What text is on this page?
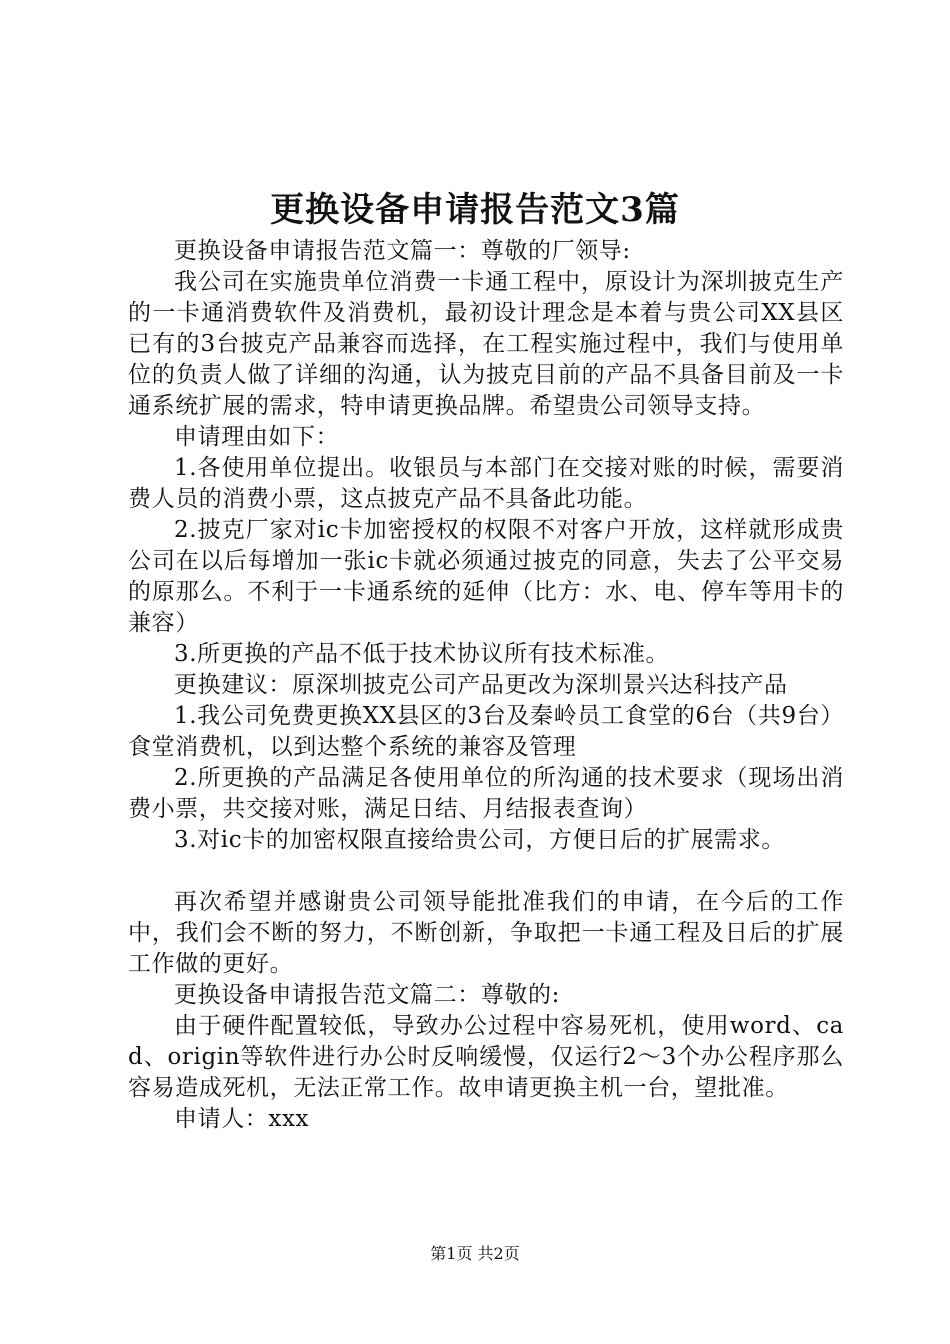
更换设备申请报告范文3篇

更换设备申请报告范文篇一：尊敬的厂领导:

我公司在实施贵单位消费一卡通工程中，原设计为深圳披克生产的一卡通消费软件及消费机，最初设计理念是本着与贵公司XX县区已有的3台披克产品兼容而选择，在工程实施过程中，我们与使用单位的负责人做了详细的沟通，认为披克目前的产品不具备目前及一卡通系统扩展的需求，特申请更换品牌。希望贵公司领导支持。

申请理由如下：

1.各使用单位提出。收银员与本部门在交接对账的时候，需要消费人员的消费小票，这点披克产品不具备此功能。

2.披克厂家对ic卡加密授权的权限不对客户开放，这样就形成贵公司在以后每增加一张ic卡就必须通过披克的同意，失去了公平交易的原那么。不利于一卡通系统的延伸（比方：水、电、停车等用卡的兼容）

3.所更换的产品不低于技术协议所有技术标准。

更换建议：原深圳披克公司产品更改为深圳景兴达科技产品

1.我公司免费更换XX县区的3台及秦岭员工食堂的6台（共9台）食堂消费机，以到达整个系统的兼容及管理

2.所更换的产品满足各使用单位的所沟通的技术要求（现场出消费小票，共交接对账，满足日结、月结报表查询）

3.对ic卡的加密权限直接给贵公司，方便日后的扩展需求。

再次希望并感谢贵公司领导能批准我们的申请，在今后的工作中，我们会不断的努力，不断创新，争取把一卡通工程及日后的扩展工作做的更好。

更换设备申请报告范文篇二：尊敬的:

由于硬件配置较低，导致办公过程中容易死机，使用word、cad、origin等软件进行办公时反响缓慢，仅运行2～3个办公程序那么容易造成死机，无法正常工作。故申请更换主机一台，望批准。

申请人：xxx

第1页 共2页
